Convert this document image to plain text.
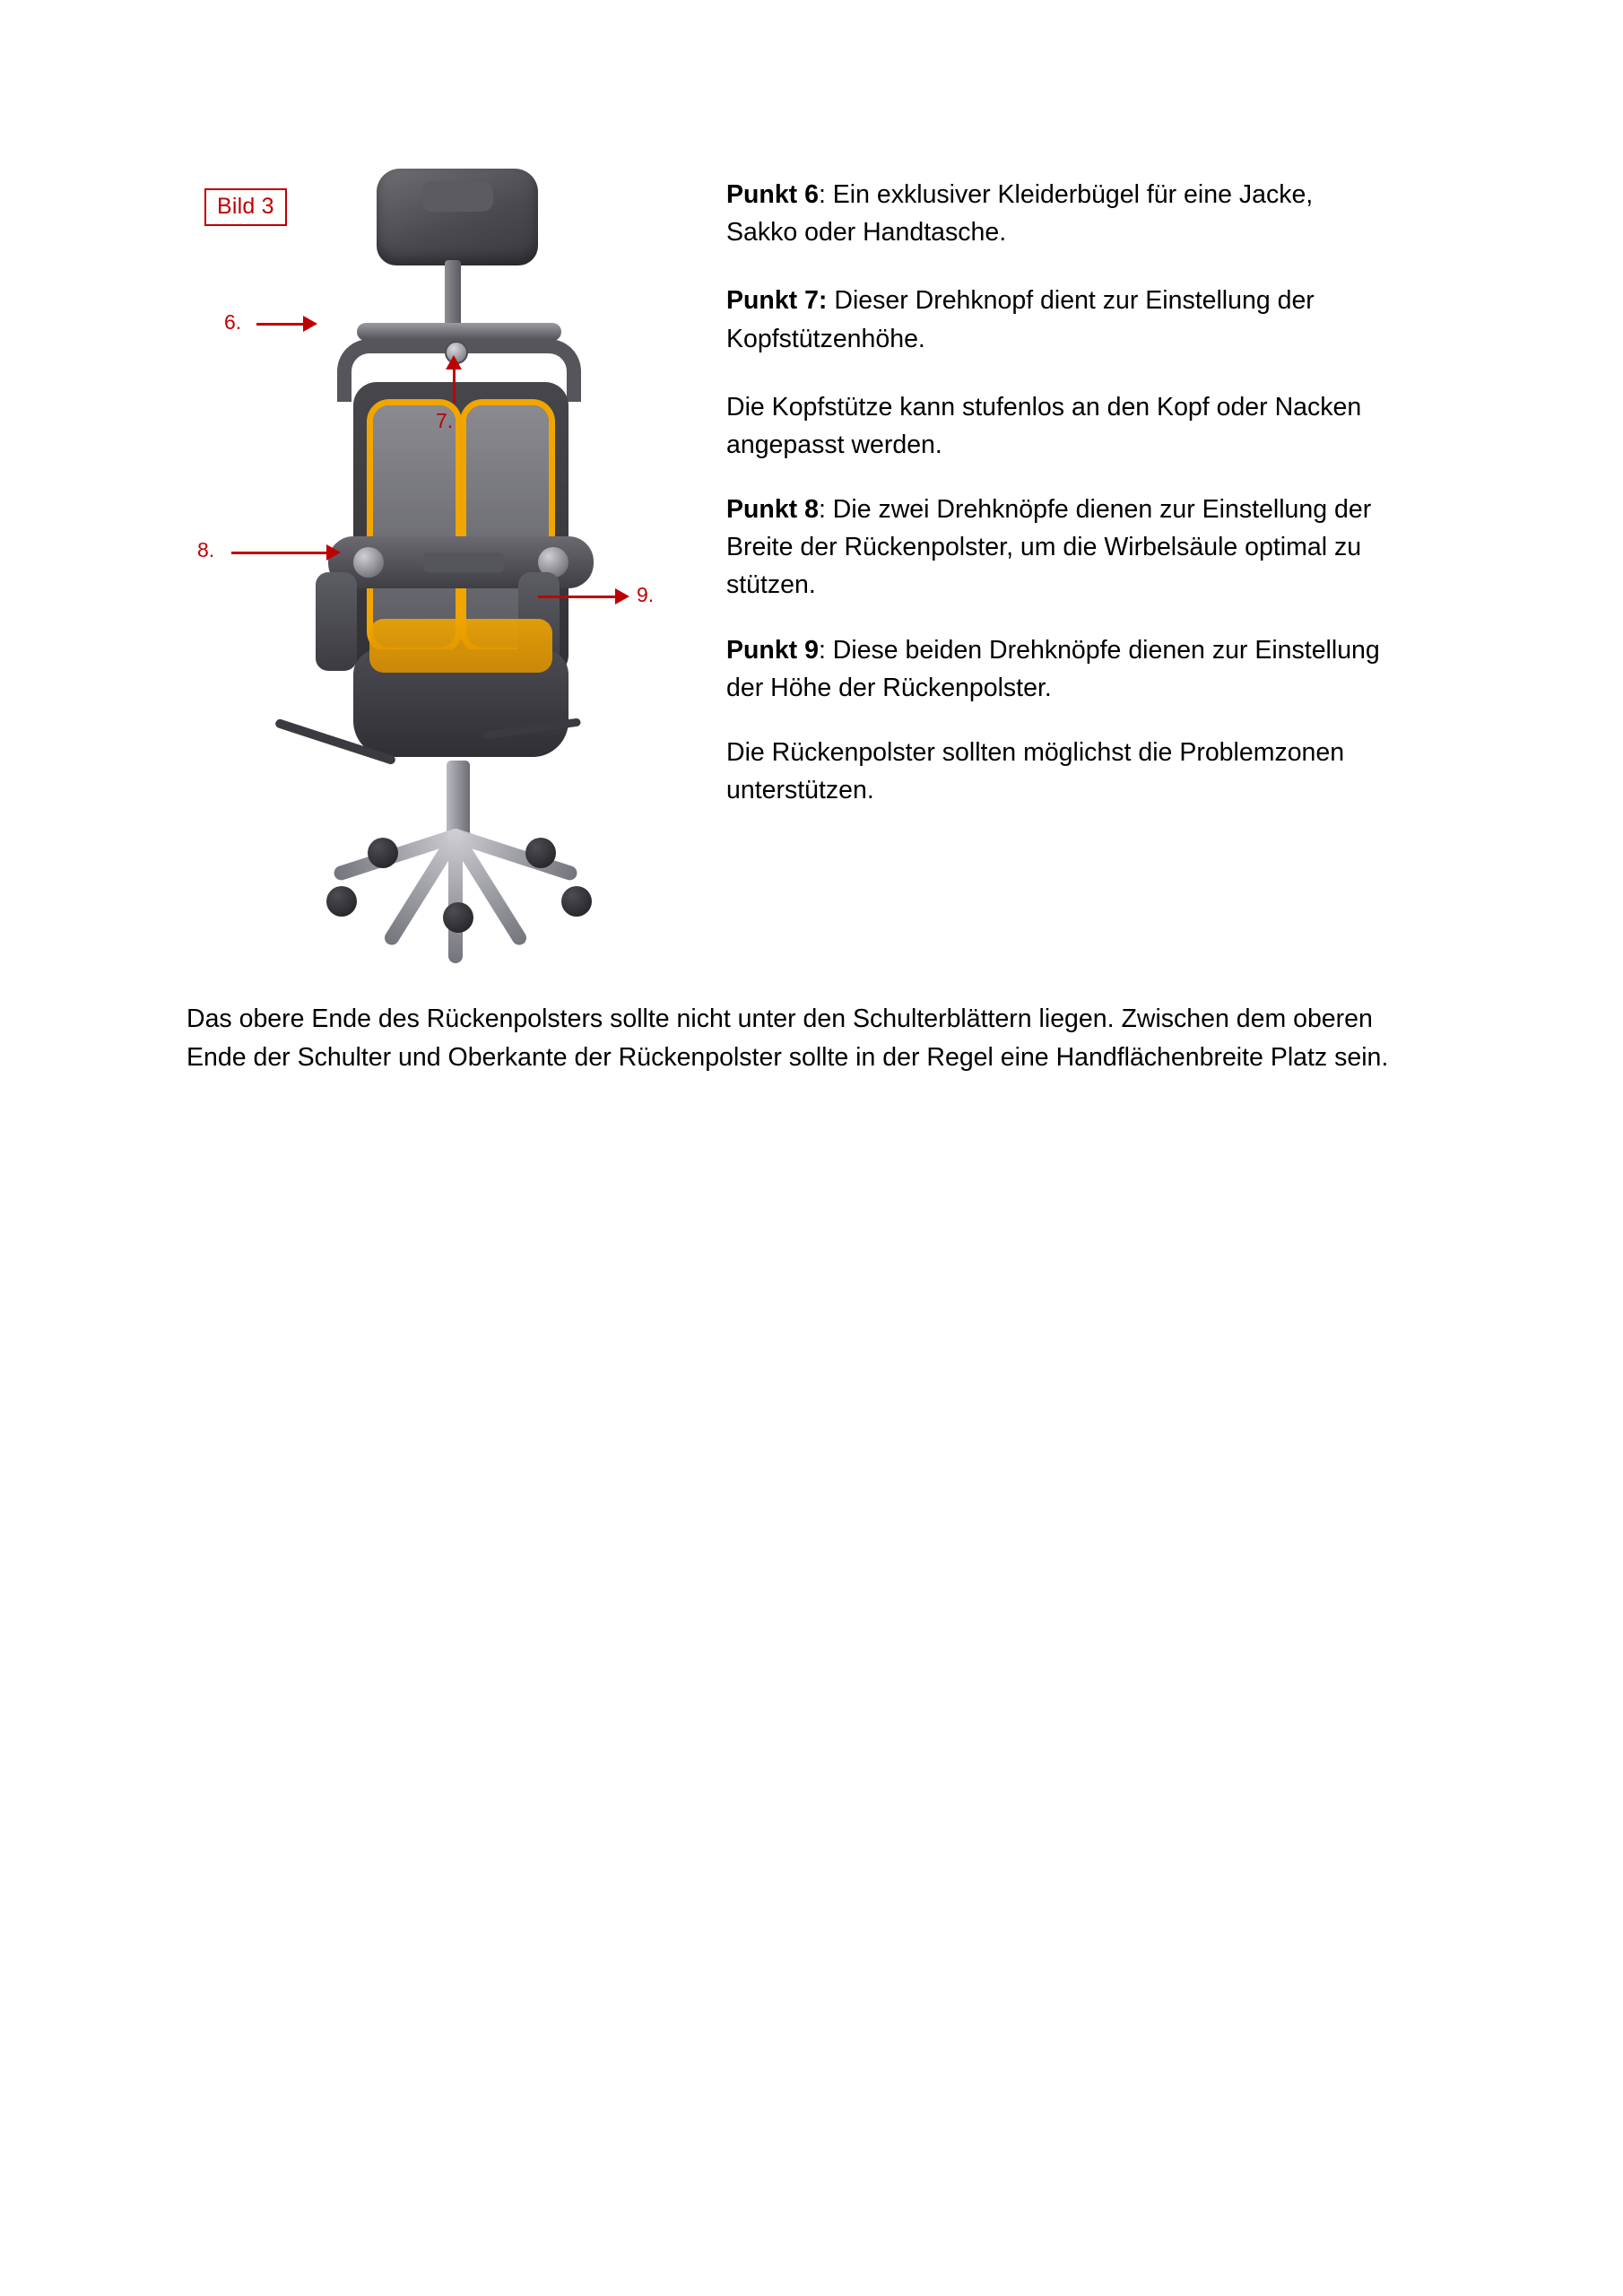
Bild 3
6.
7.
8.
9.

Punkt 6: Ein exklusiver Kleiderbügel für eine Jacke, Sakko oder Handtasche.

Punkt 7: Dieser Drehknopf dient zur Einstellung der Kopfstützenhöhe.

Die Kopfstütze kann stufenlos an den Kopf oder Nacken angepasst werden.

Punkt 8: Die zwei Drehknöpfe dienen zur Einstellung der Breite der Rückenpolster, um die Wirbelsäule optimal zu stützen.

Punkt 9: Diese beiden Drehknöpfe dienen zur Einstellung der Höhe der Rückenpolster.

Die Rückenpolster sollten möglichst die Problemzonen unterstützen.

Das obere Ende des Rückenpolsters sollte nicht unter den Schulterblättern liegen. Zwischen dem oberen Ende der Schulter und Oberkante der Rückenpolster sollte in der Regel eine Handflächenbreite Platz sein.
